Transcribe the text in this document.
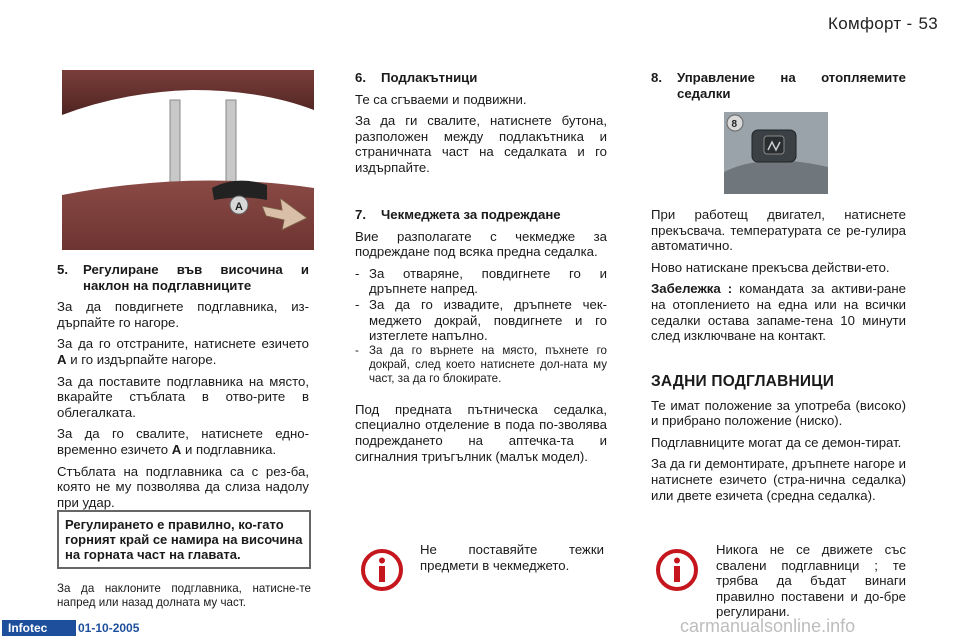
Комфорт - 53
A
5.	Регулиране във височина и наклон на подглавниците

За да повдигнете подглавника, из-дърпайте го нагоре.

За да го отстраните, натиснете езичето A и го издърпайте нагоре.

За да поставите подглавника на място, вкарайте стъблата в отво-рите в облегалката.

За да го свалите, натиснете едно-временно езичето A и подглавника.

Стъблата на подглавника са с рез-ба, която не му позволява да слиза надолу при удар.

Регулирането е правилно, ко-гато горният край се намира на височина на горната част на главата.
За да наклоните подглавника, натисне-те напред или назад долната му част.
6.	Подлакътници

Те са сгъваеми и подвижни.

За да ги свалите, натиснете бутона, разположен между подлакътника и страничната част на седалката и го издърпайте.

7.	Чекмеджета за подреждане

Вие разполагате с чекмедже за подреждане под всяка предна седалка.

- За отваряне, повдигнете го и дръпнете напред.
- За да го извадите, дръпнете чек-меджето докрай, повдигнете и го изтеглете напълно.
- За да го върнете на място, пъхнете го докрай, след което натиснете дол-ната му част, за да го блокирате.

Под предната пътническа седалка, специално отделение в пода по-зволява подреждането на аптечка-та и сигналния триъгълник (малък модел).

Не поставяйте тежки предмети в чекмеджето.
8.	Управление на отопляемите седалки
8

При работещ двигател, натиснете прекъсвача. температурата се ре-гулира автоматично.

Ново натискане прекъсва действи-ето.

Забележка : командата за активи-ране на отоплението на една или на всички седалки остава запаме-тена 10 минути след изключване на контакт.

ЗАДНИ ПОДГЛАВНИЦИ

Те имат положение за употреба (високо) и прибрано положение (ниско).

Подглавниците могат да се демон-тират.

За да ги демонтирате, дръпнете нагоре и натиснете езичето (стра-нична седалка) или двете езичета (средна седалка).

Никога не се движете със свалени подглавници ; те трябва да бъдат винаги правилно поставени и до-бре регулирани.
Infotec	01-10-2005	carmanualsonline.info
